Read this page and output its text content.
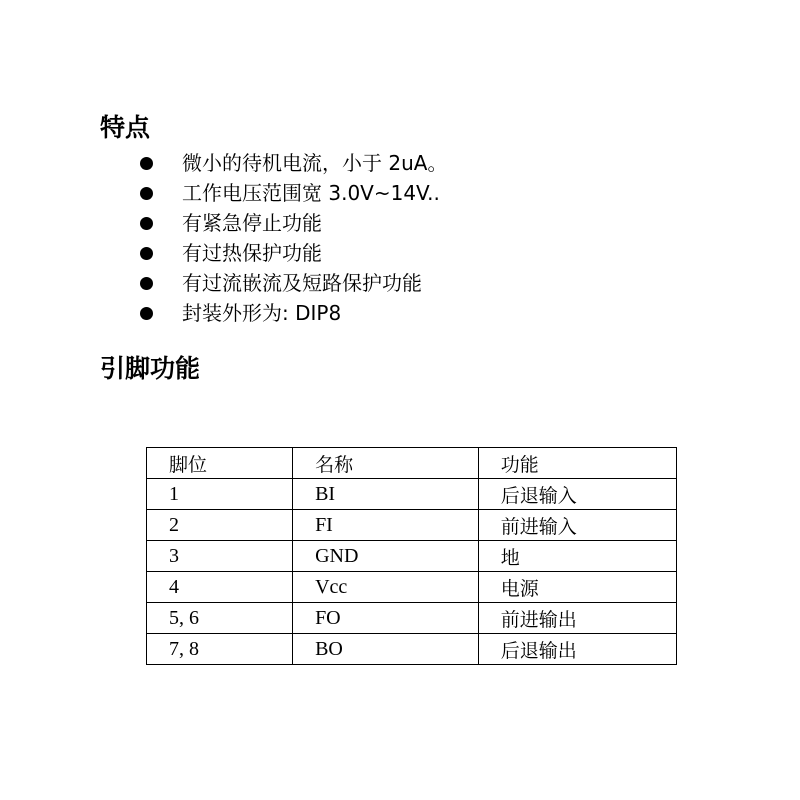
特点
微小的待机电流，小于 2uA。
工作电压范围宽 3.0V~14V..
有紧急停止功能
有过热保护功能
有过流嵌流及短路保护功能
封装外形为: DIP8
引脚功能
脚位	名称	功能
1	BI	后退输入
2	FI	前进输入
3	GND	地
4	Vcc	电源
5, 6	FO	前进输出
7, 8	BO	后退输出
